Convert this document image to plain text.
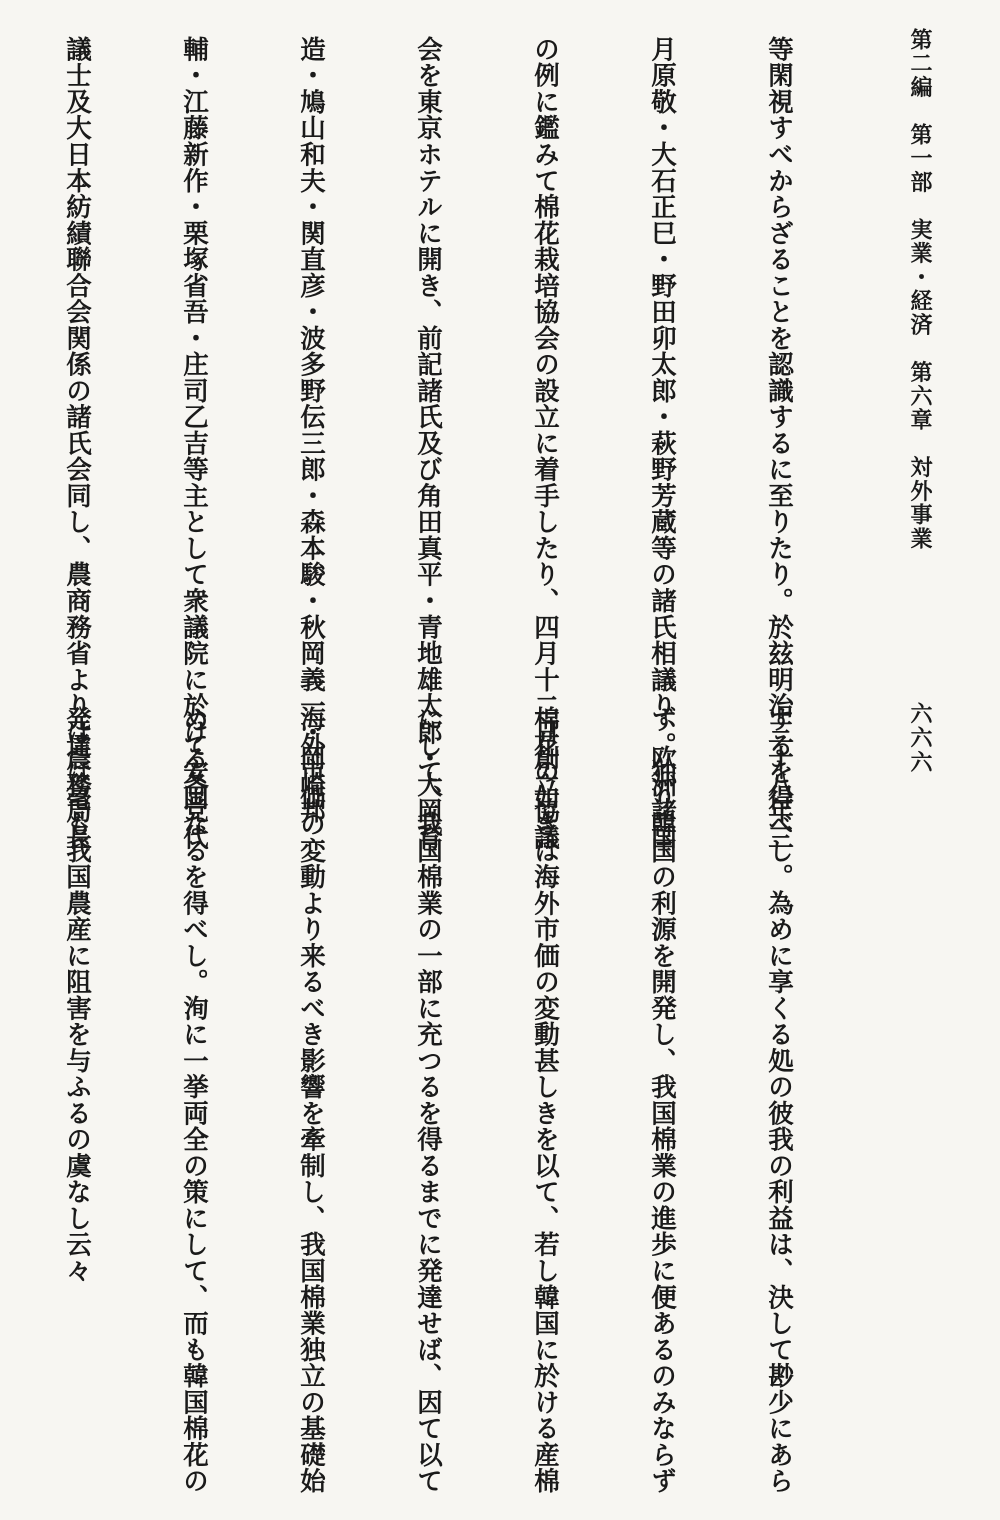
第二編　第一部　実業・経済　第六章　対外事業
六六六

等閑視すべからざることを認識するに至りたり。於玆明治三十八年三

月原敬・大石正巳・野田卯太郎・萩野芳蔵等の諸氏相議り、欧洲諸国

の例に鑑みて棉花栽培協会の設立に着手したり、四月十二日創立協議

会を東京ホテルに開き、前記諸氏及び角田真平・青地雄太郎・大岡育

造・鳩山和夫・関直彦・波多野伝三郎・森本駿・秋岡義一・岡崎邦

輔・江藤新作・栗塚省吾・庄司乙吉等主として衆議院に於ける各党代

議士及大日本紡績聯合会関係の諸氏会同し、農商務省よりは農務局長

するを得べし。為めに享くる処の彼我の利益は、決して尠少にあら

ず。独り韓国の利源を開発し、我国棉業の進歩に便あるのみならず

棉花の如きは海外市価の変動甚しきを以て、若し韓国に於ける産棉

にして、我国棉業の一部に充つるを得るまでに発達せば、因て以て

海外市価の変動より来るべき影響を牽制し、我国棉業独立の基礎始

めて安固なるを得べし。洵に一挙両全の策にして、而も韓国棉花の

発達は毫も我国農産に阻害を与ふるの虞なし云々
